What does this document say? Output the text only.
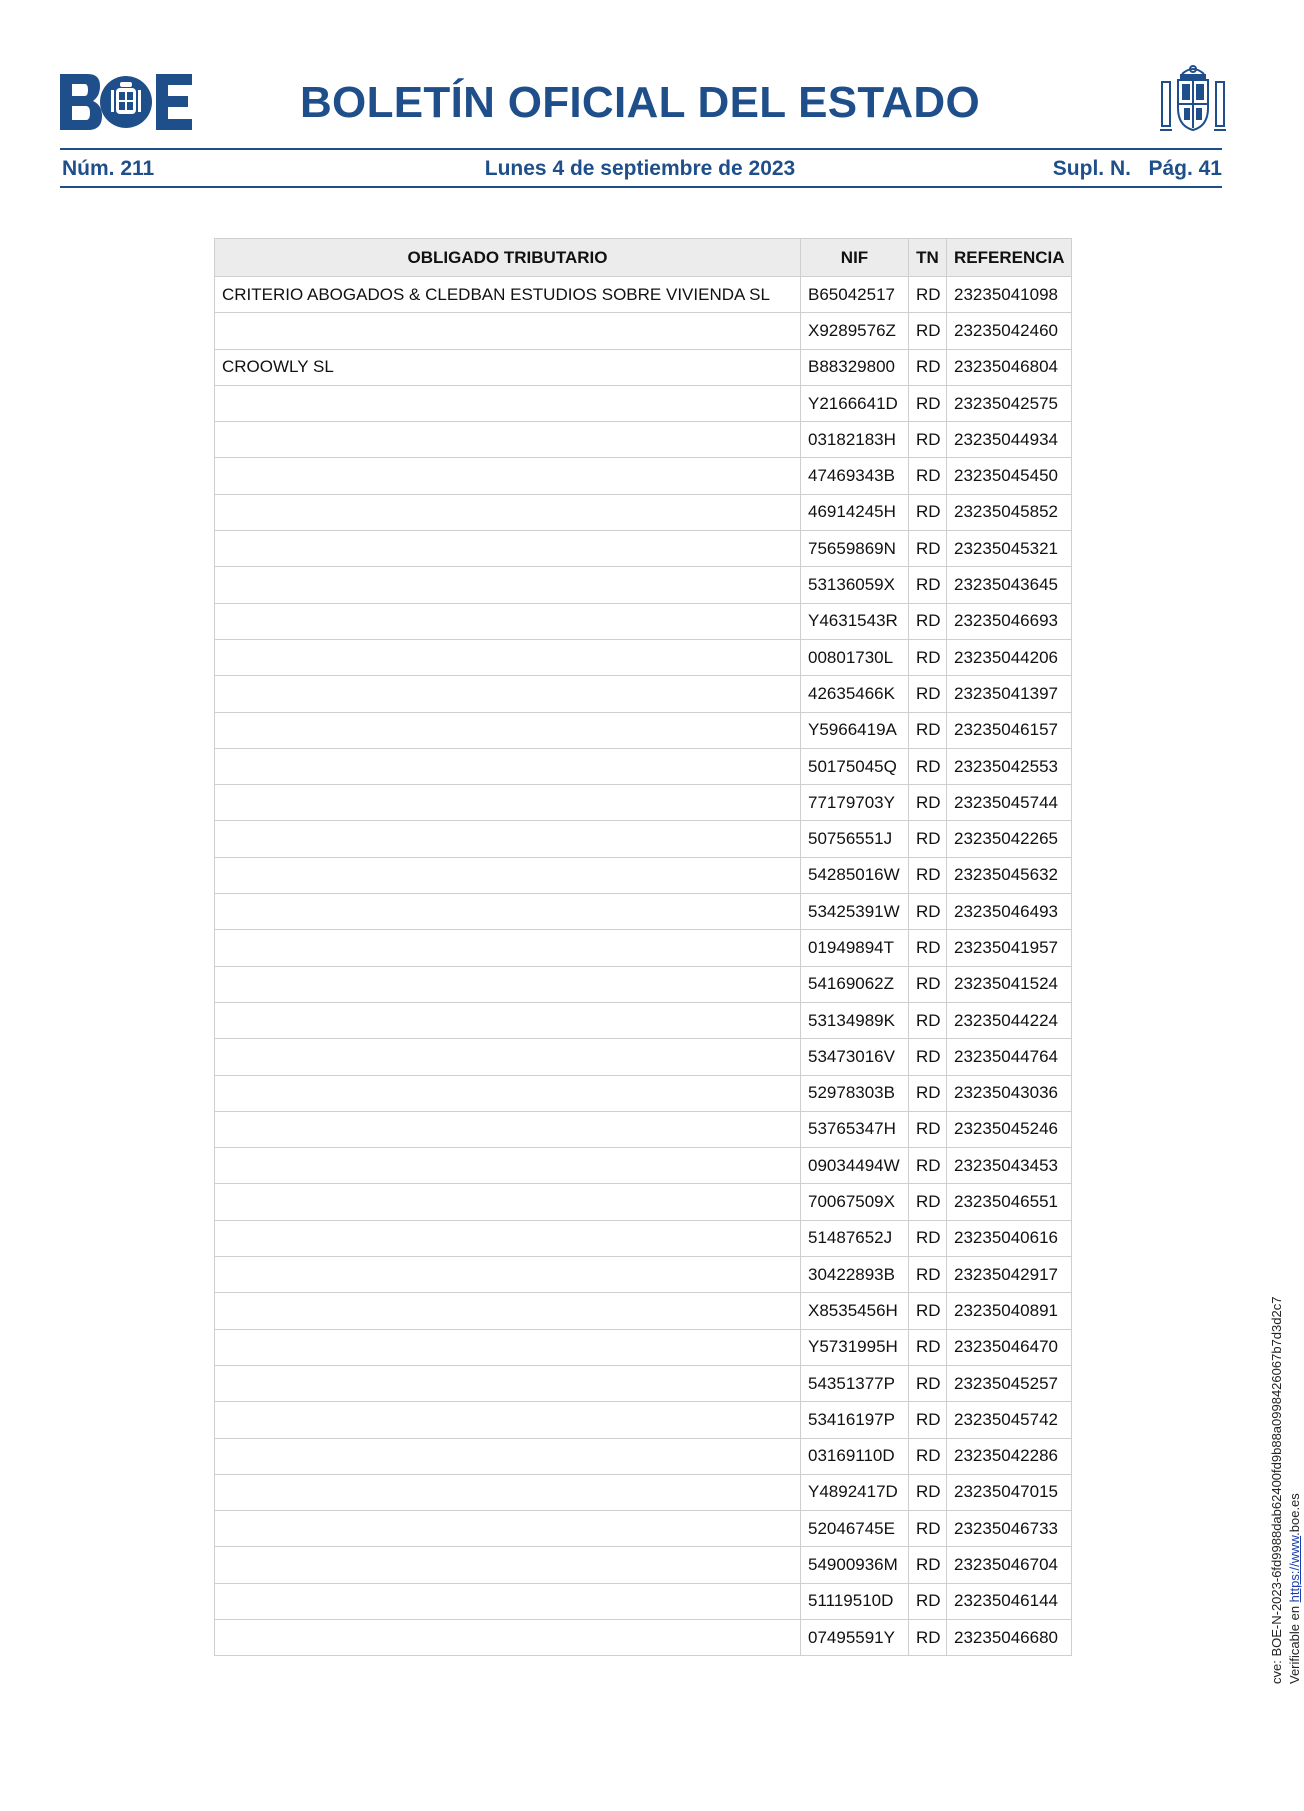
BOLETÍN OFICIAL DEL ESTADO
Lunes 4 de septiembre de 2023
Núm. 211	Supl. N.   Pág. 41
OBLIGADO TRIBUTARIO	NIF	TN	REFERENCIA
CRITERIO ABOGADOS & CLEDBAN ESTUDIOS SOBRE VIVIENDA SL	B65042517	RD	23235041098
	X9289576Z	RD	23235042460
CROOWLY SL	B88329800	RD	23235046804
	Y2166641D	RD	23235042575
	03182183H	RD	23235044934
	47469343B	RD	23235045450
	46914245H	RD	23235045852
	75659869N	RD	23235045321
	53136059X	RD	23235043645
	Y4631543R	RD	23235046693
	00801730L	RD	23235044206
	42635466K	RD	23235041397
	Y5966419A	RD	23235046157
	50175045Q	RD	23235042553
	77179703Y	RD	23235045744
	50756551J	RD	23235042265
	54285016W	RD	23235045632
	53425391W	RD	23235046493
	01949894T	RD	23235041957
	54169062Z	RD	23235041524
	53134989K	RD	23235044224
	53473016V	RD	23235044764
	52978303B	RD	23235043036
	53765347H	RD	23235045246
	09034494W	RD	23235043453
	70067509X	RD	23235046551
	51487652J	RD	23235040616
	30422893B	RD	23235042917
	X8535456H	RD	23235040891
	Y5731995H	RD	23235046470
	54351377P	RD	23235045257
	53416197P	RD	23235045742
	03169110D	RD	23235042286
	Y4892417D	RD	23235047015
	52046745E	RD	23235046733
	54900936M	RD	23235046704
	51119510D	RD	23235046144
	07495591Y	RD	23235046680	cve: BOE-N-2023-6fd9988dab62400fd9b88a0998426067b7d3d2c7 Verificable en https://www.boe.es
